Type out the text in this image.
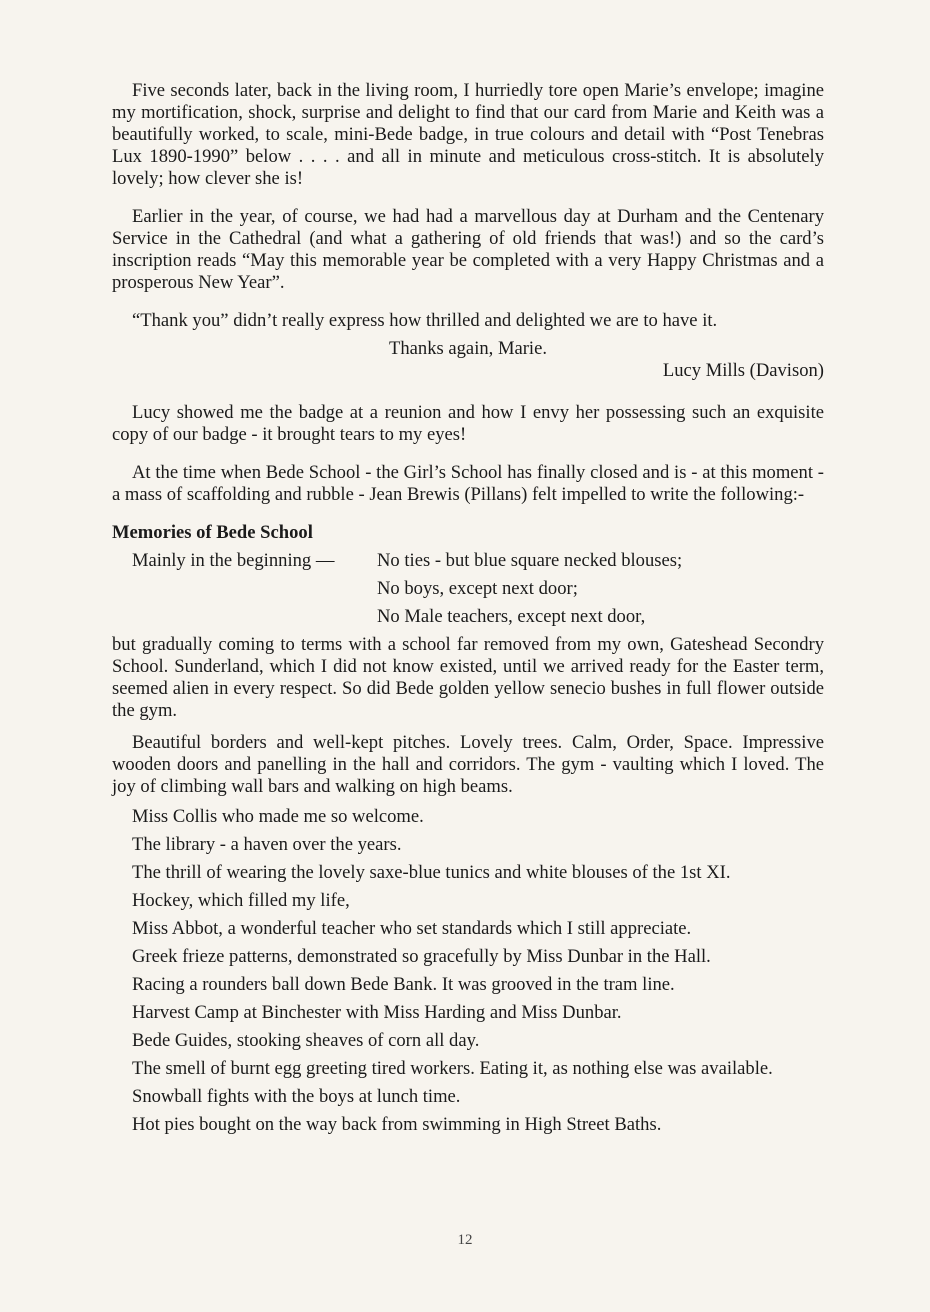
Five seconds later, back in the living room, I hurriedly tore open Marie’s envelope; imagine my mortification, shock, surprise and delight to find that our card from Marie and Keith was a beautifully worked, to scale, mini-Bede badge, in true colours and detail with “Post Tenebras Lux 1890-1990” below . . . . and all in minute and meticulous cross-stitch. It is absolutely lovely; how clever she is!

Earlier in the year, of course, we had had a marvellous day at Durham and the Centenary Service in the Cathedral (and what a gathering of old friends that was!) and so the card’s inscription reads “May this memorable year be completed with a very Happy Christmas and a prosperous New Year”.

“Thank you” didn’t really express how thrilled and delighted we are to have it.

Thanks again, Marie.

Lucy Mills (Davison)

Lucy showed me the badge at a reunion and how I envy her possessing such an exquisite copy of our badge - it brought tears to my eyes!

At the time when Bede School - the Girl’s School has finally closed and is - at this moment - a mass of scaffolding and rubble - Jean Brewis (Pillans) felt impelled to write the following:-

Memories of Bede School
Mainly in the beginning —	No ties - but blue square necked blouses;
No boys, except next door;
No Male teachers, except next door,

but gradually coming to terms with a school far removed from my own, Gateshead Secondry School. Sunderland, which I did not know existed, until we arrived ready for the Easter term, seemed alien in every respect. So did Bede golden yellow senecio bushes in full flower outside the gym.

Beautiful borders and well-kept pitches. Lovely trees. Calm, Order, Space. Impressive wooden doors and panelling in the hall and corridors. The gym - vaulting which I loved. The joy of climbing wall bars and walking on high beams.

Miss Collis who made me so welcome.
The library - a haven over the years.
The thrill of wearing the lovely saxe-blue tunics and white blouses of the 1st XI.
Hockey, which filled my life,
Miss Abbot, a wonderful teacher who set standards which I still appreciate.
Greek frieze patterns, demonstrated so gracefully by Miss Dunbar in the Hall.
Racing a rounders ball down Bede Bank. It was grooved in the tram line.
Harvest Camp at Binchester with Miss Harding and Miss Dunbar.
Bede Guides, stooking sheaves of corn all day.
The smell of burnt egg greeting tired workers. Eating it, as nothing else was available.
Snowball fights with the boys at lunch time.
Hot pies bought on the way back from swimming in High Street Baths.
12
